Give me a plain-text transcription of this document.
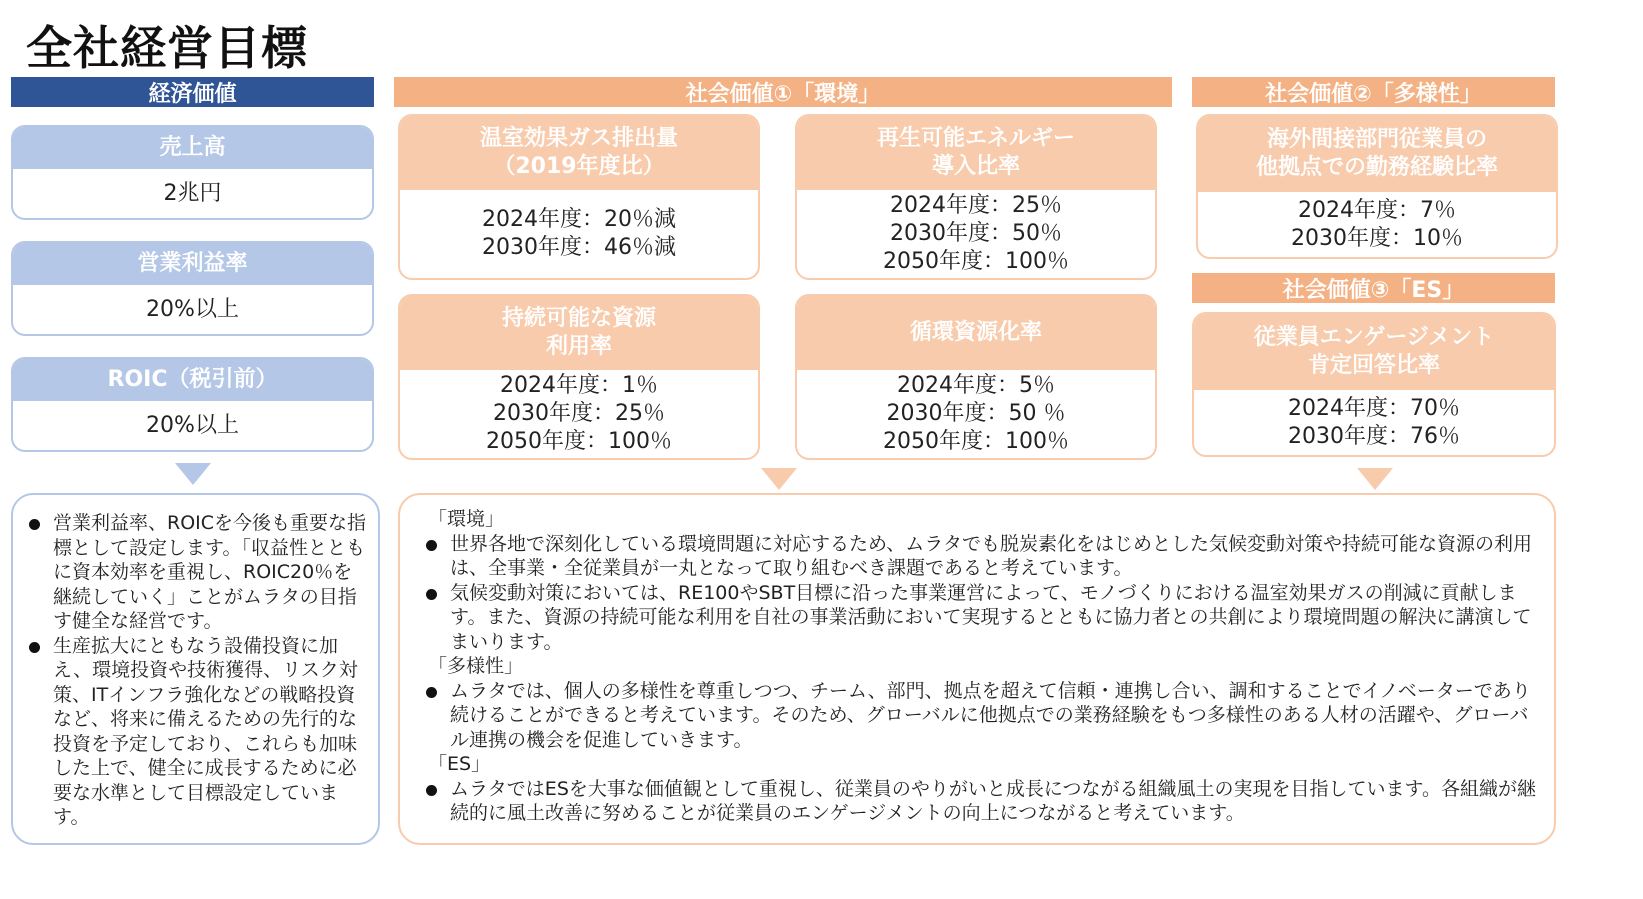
全社経営目標
経済価値
売上高
2兆円
営業利益率
20%以上
ROIC（税引前）
20%以上
営業利益率、ROICを今後も重要な指標として設定します。「収益性とともに資本効率を重視し、ROIC20％を継続していく」ことがムラタの目指す健全な経営です。
生産拡大にともなう設備投資に加え、環境投資や技術獲得、リスク対策、ITインフラ強化などの戦略投資など、将来に備えるための先行的な投資を予定しており、これらも加味した上で、健全に成長するために必要な水準として目標設定しています。
社会価値①「環境」
温室効果ガス排出量
（2019年度比）
2024年度：20％減
2030年度：46％減
再生可能エネルギー
導入比率
2024年度：25％
2030年度：50％
2050年度：100％
持続可能な資源
利用率
2024年度：1％
2030年度：25％
2050年度：100％
循環資源化率
2024年度：5％
2030年度：50 ％
2050年度：100％
社会価値②「多様性」
海外間接部門従業員の
他拠点での勤務経験比率
2024年度：7％
2030年度：10％
社会価値③「ES」
従業員エンゲージメント
肯定回答比率
2024年度：70％
2030年度：76％
「環境」
世界各地で深刻化している環境問題に対応するため、ムラタでも脱炭素化をはじめとした気候変動対策や持続可能な資源の利用は、全事業・全従業員が一丸となって取り組むべき課題であると考えています。
気候変動対策においては、RE100やSBT目標に沿った事業運営によって、モノづくりにおける温室効果ガスの削減に貢献します。また、資源の持続可能な利用を自社の事業活動において実現するとともに協力者との共創により環境問題の解決に講演してまいります。
「多様性」
ムラタでは、個人の多様性を尊重しつつ、チーム、部門、拠点を超えて信頼・連携し合い、調和することでイノベーターであり続けることができると考えています。そのため、グローバルに他拠点での業務経験をもつ多様性のある人材の活躍や、グローバル連携の機会を促進していきます。
「ES」
ムラタではESを大事な価値観として重視し、従業員のやりがいと成長につながる組織風土の実現を目指しています。各組織が継続的に風土改善に努めることが従業員のエンゲージメントの向上につながると考えています。
